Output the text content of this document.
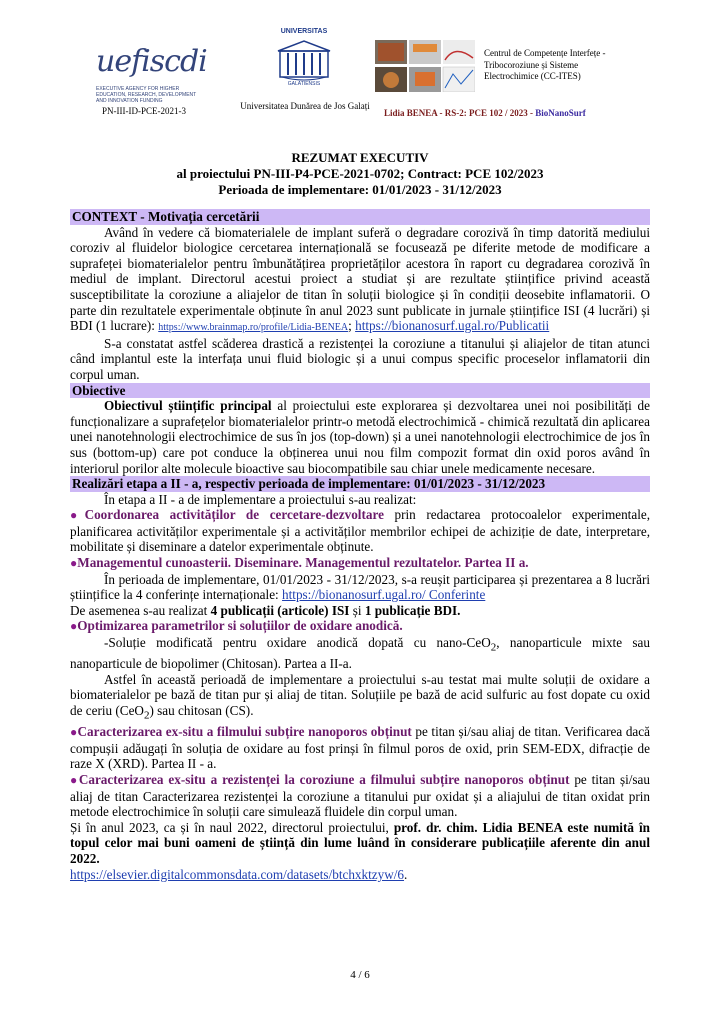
uefiscdi
EXECUTIVE AGENCY FOR HIGHER EDUCATION, RESEARCH, DEVELOPMENT AND INNOVATION FUNDING
PN-III-ID-PCE-2021-3
UNIVERSITAS
GALATIENSIS
Universitatea Dunărea de Jos Galați
Centrul de Competențe Interfețe - Tribocoroziune și Sisteme Electrochimice (CC-ITES)
Lidia BENEA - RS-2: PCE 102 / 2023 - BioNanoSurf
REZUMAT EXECUTIV
al proiectului PN-III-P4-PCE-2021-0702; Contract: PCE 102/2023
Perioada de implementare: 01/01/2023 - 31/12/2023
CONTEXT - Motivația cercetării

Având în vedere că biomaterialele de implant suferă o degradare corozivă în timp datorită mediului coroziv al fluidelor biologice cercetarea internațională se focusează pe diferite metode de modificare a suprafeței biomaterialelor pentru îmbunătățirea proprietăților acestora în raport cu degradarea corozivă în mediul de implant. Directorul acestui proiect a studiat și are rezultate științifice privind această susceptibilitate la coroziune a aliajelor de titan în soluții biologice și în condiții deosebite inflamatorii. O parte din rezultatele experimentale obținute în anul 2023 sunt publicate in jurnale științifice ISI (4 lucrări) și BDI (1 lucrare): https://www.brainmap.ro/profile/Lidia-BENEA; https://bionanosurf.ugal.ro/Publicatii

S-a constatat astfel scăderea drastică a rezistenței la coroziune a titanului și aliajelor de titan atunci când implantul este la interfața unui fluid biologic și a unui compus specific proceselor inflamatorii din corpul uman.

Obiective

Obiectivul științific principal al proiectului este explorarea și dezvoltarea unei noi posibilități de funcționalizare a suprafețelor biomaterialelor printr-o metodă electrochimică - chimică rezultată din aplicarea unei nanotehnologii electrochimice de sus în jos (top-down) și a unei nanotehnologii electrochimice de jos în sus (bottom-up) care pot conduce la obținerea unui nou film compozit format din oxid poros având în interiorul porilor alte molecule bioactive sau biocompatibile sau chiar unele medicamente necesare.

Realizări etapa a II - a, respectiv perioada de implementare: 01/01/2023 - 31/12/2023

În etapa a II - a de implementare a proiectului s-au realizat:

●Coordonarea activităților de cercetare-dezvoltare prin redactarea protocoalelor experimentale, planificarea activităților experimentale și a activităților membrilor echipei de achiziție de date, interpretare, mobilitate și diseminare a datelor experimentale obținute.

●Managementul cunoasterii. Diseminare. Managementul rezultatelor. Partea II a.

În perioada de implementare, 01/01/2023 - 31/12/2023, s-a reușit participarea și prezentarea a 8 lucrări științifice la 4 conferințe internaționale: https://bionanosurf.ugal.ro/ Conferinte

De asemenea s-au realizat 4 publicații (articole) ISI și 1 publicație BDI.

●Optimizarea parametrilor si soluțiilor de oxidare anodică.

-Soluție modificată pentru oxidare anodică dopată cu nano-CeO$_2$, nanoparticule mixte sau nanoparticule de biopolimer (Chitosan). Partea a II-a.

Astfel în această perioadă de implementare a proiectului s-au testat mai multe soluții de oxidare a biomaterialelor pe bază de titan pur și aliaj de titan. Soluțiile pe bază de acid sulfuric au fost dopate cu oxid de ceriu (CeO$_2$) sau chitosan (CS).

●Caracterizarea ex-situ a filmului subțire nanoporos obținut pe titan și/sau aliaj de titan. Verificarea dacă compușii adăugați în soluția de oxidare au fost prinși în filmul poros de oxid, prin SEM-EDX, difracție de raze X (XRD). Partea II - a.

●Caracterizarea ex-situ a rezistenței la coroziune a filmului subțire nanoporos obținut pe titan și/sau aliaj de titan Caracterizarea rezistenței la coroziune a titanului pur oxidat și a aliajului de titan oxidat prin metode electrochimice în soluții care simulează fluidele din corpul uman.

Și în anul 2023, ca și în naul 2022, directorul proiectului, prof. dr. chim. Lidia BENEA este numită în topul celor mai buni oameni de știință din lume luând în considerare publicațiile aferente din anul 2022.

https://elsevier.digitalcommonsdata.com/datasets/btchxktzyw/6.

4 / 6
